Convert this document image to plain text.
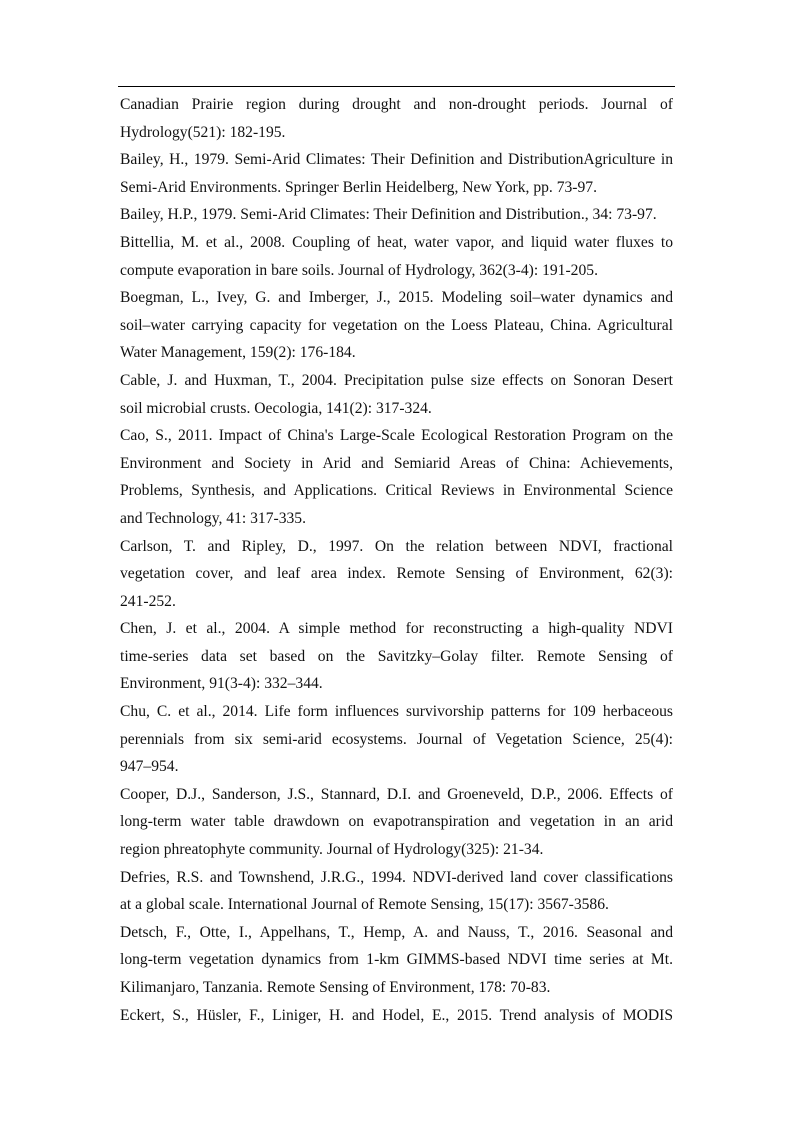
Canadian Prairie region during drought and non-drought periods. Journal of
Hydrology(521): 182-195.

Bailey, H., 1979. Semi-Arid Climates: Their Definition and DistributionAgriculture in
Semi-Arid Environments. Springer Berlin Heidelberg, New York, pp. 73-97.

Bailey, H.P., 1979. Semi-Arid Climates: Their Definition and Distribution., 34: 73-97.

Bittellia, M. et al., 2008. Coupling of heat, water vapor, and liquid water fluxes to
compute evaporation in bare soils. Journal of Hydrology, 362(3-4): 191-205.

Boegman, L., Ivey, G. and Imberger, J., 2015. Modeling soil–water dynamics and
soil–water carrying capacity for vegetation on the Loess Plateau, China. Agricultural
Water Management, 159(2): 176-184.

Cable, J. and Huxman, T., 2004. Precipitation pulse size effects on Sonoran Desert
soil microbial crusts. Oecologia, 141(2): 317-324.

Cao, S., 2011. Impact of China's Large-Scale Ecological Restoration Program on the
Environment and Society in Arid and Semiarid Areas of China: Achievements,
Problems, Synthesis, and Applications. Critical Reviews in Environmental Science
and Technology, 41: 317-335.

Carlson, T. and Ripley, D., 1997. On the relation between NDVI, fractional
vegetation cover, and leaf area index. Remote Sensing of Environment, 62(3):
241-252.

Chen, J. et al., 2004. A simple method for reconstructing a high-quality NDVI
time-series data set based on the Savitzky–Golay filter. Remote Sensing of
Environment, 91(3-4): 332–344.

Chu, C. et al., 2014. Life form influences survivorship patterns for 109 herbaceous
perennials from six semi‐arid ecosystems. Journal of Vegetation Science, 25(4):
947–954.

Cooper, D.J., Sanderson, J.S., Stannard, D.I. and Groeneveld, D.P., 2006. Effects of
long-term water table drawdown on evapotranspiration and vegetation in an arid
region phreatophyte community. Journal of Hydrology(325): 21-34.

Defries, R.S. and Townshend, J.R.G., 1994. NDVI-derived land cover classifications
at a global scale. International Journal of Remote Sensing, 15(17): 3567-3586.

Detsch, F., Otte, I., Appelhans, T., Hemp, A. and Nauss, T., 2016. Seasonal and
long-term vegetation dynamics from 1-km GIMMS-based NDVI time series at Mt.
Kilimanjaro, Tanzania. Remote Sensing of Environment, 178: 70-83.

Eckert, S., Hüsler, F., Liniger, H. and Hodel, E., 2015. Trend analysis of MODIS
